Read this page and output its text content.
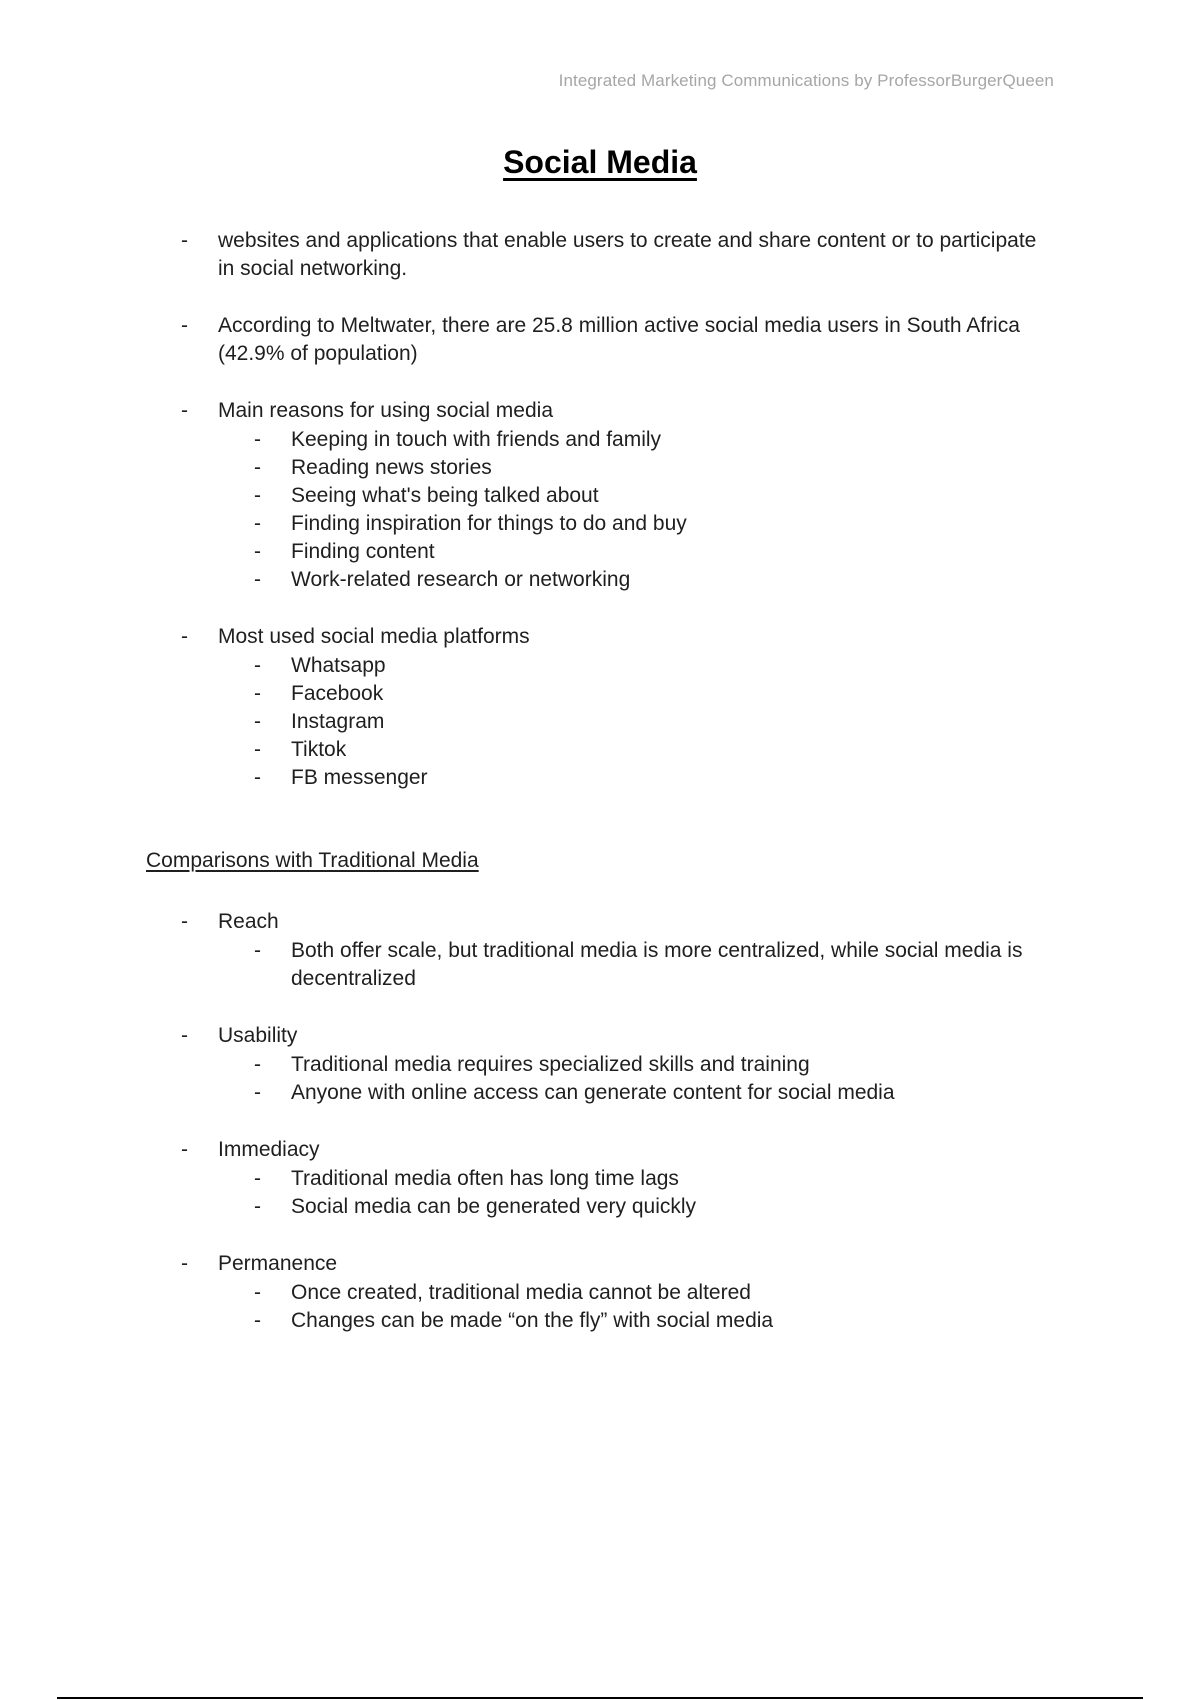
Integrated Marketing Communications by ProfessorBurgerQueen
Social Media
- websites and applications that enable users to create and share content or to participate in social networking.
- According to Meltwater, there are 25.8 million active social media users in South Africa (42.9% of population)
- Main reasons for using social media
- Keeping in touch with friends and family
- Reading news stories
- Seeing what's being talked about
- Finding inspiration for things to do and buy
- Finding content
- Work-related research or networking
- Most used social media platforms
- Whatsapp
- Facebook
- Instagram
- Tiktok
- FB messenger
Comparisons with Traditional Media
- Reach
- Both offer scale, but traditional media is more centralized, while social media is decentralized
- Usability
- Traditional media requires specialized skills and training
- Anyone with online access can generate content for social media
- Immediacy
- Traditional media often has long time lags
- Social media can be generated very quickly
- Permanence
- Once created, traditional media cannot be altered
- Changes can be made “on the fly” with social media
